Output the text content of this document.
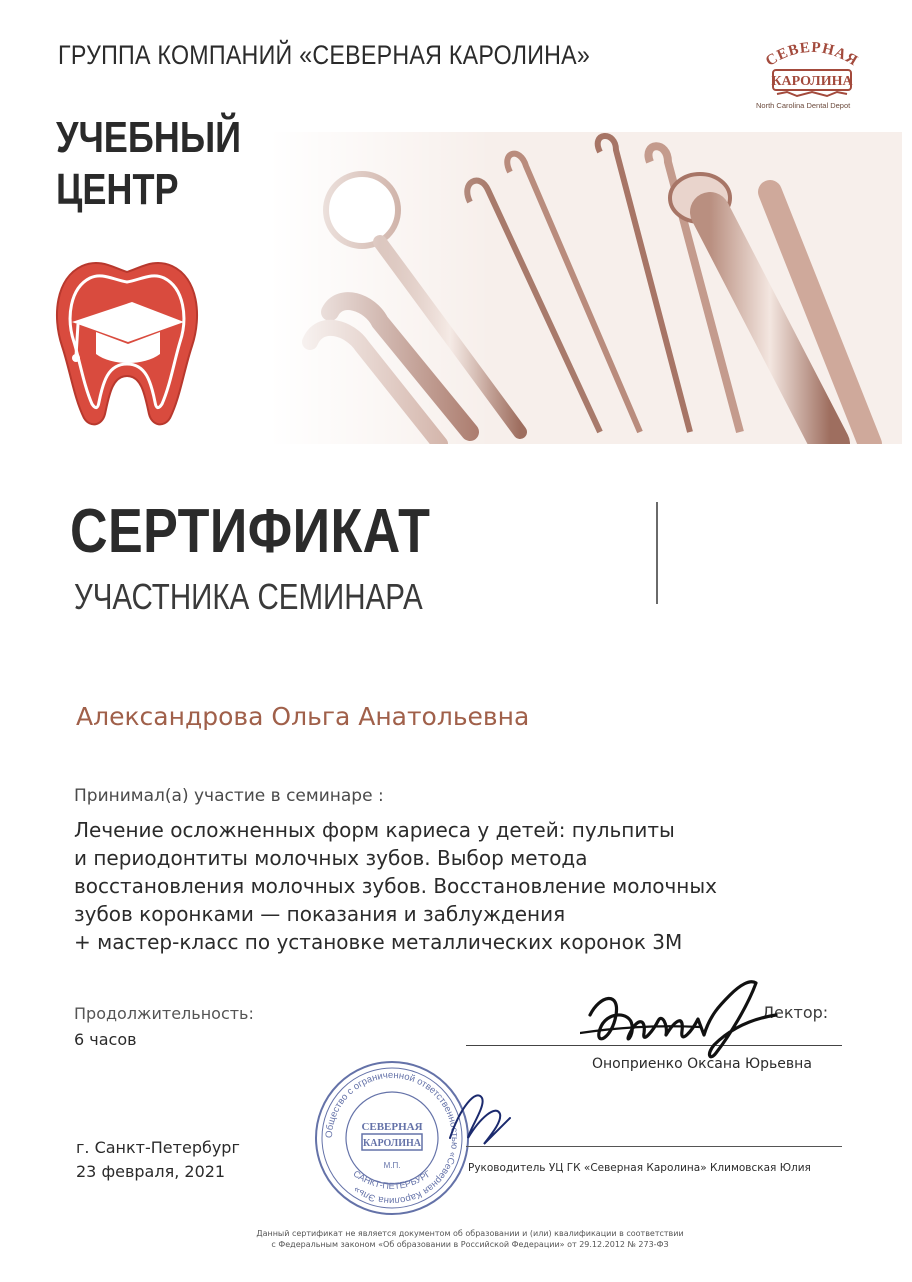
ГРУППА КОМПАНИЙ «СЕВЕРНАЯ КАРОЛИНА»	СЕВЕРНАЯ
КАРОЛИНА
North Carolina Dental Depot
УЧЕБНЫЙ
ЦЕНТР
СЕРТИФИКАТ
УЧАСТНИКА СЕМИНАРА
Александрова Ольга Анатольевна
Принимал(а) участие в семинаре :
Лечение осложненных форм кариеса у детей: пульпиты
и периодонтиты молочных зубов. Выбор метода
восстановления молочных зубов. Восстановление молочных
зубов коронками — показания и заблуждения
+ мастер-класс по установке металлических коронок 3М
Продолжительность:
6 часов
Лектор:
Оноприенко Оксана Юрьевна
г. Санкт-Петербург
23 февраля, 2021
Общество с ограниченной ответственностью «Северная Каролина Эль»
САНКТ-ПЕТЕРБУРГ
СЕВЕРНАЯ
КАРОЛИНА
М.П.	Руководитель УЦ ГК «Северная Каролина» Климовская Юлия
Данный сертификат не является документом об образовании и (или) квалификации в соответствии
с Федеральным законом «Об образовании в Российской Федерации» от 29.12.2012 № 273-ФЗ
